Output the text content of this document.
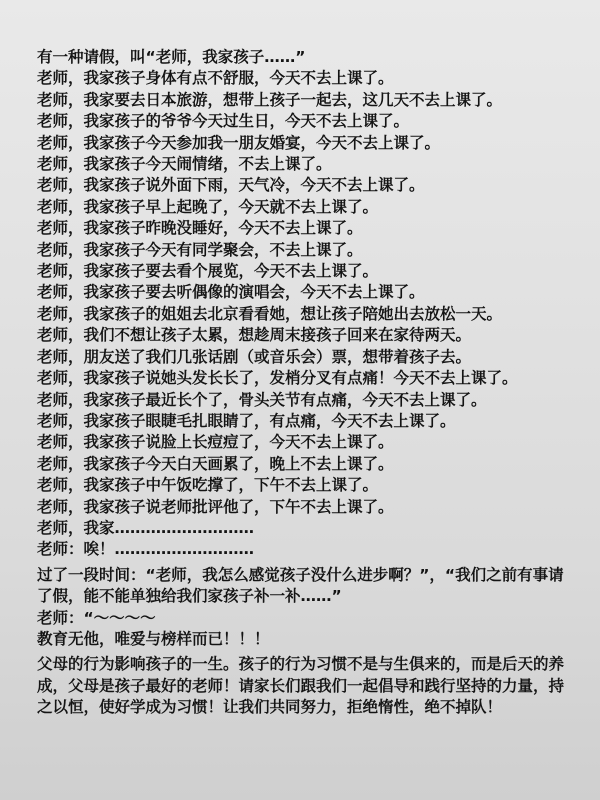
有一种请假，叫“老师，我家孩子……”

老师，我家孩子身体有点不舒服，今天不去上课了。

老师，我家要去日本旅游，想带上孩子一起去，这几天不去上课了。

老师，我家孩子的爷爷今天过生日，今天不去上课了。

老师，我家孩子今天参加我一朋友婚宴，今天不去上课了。

老师，我家孩子今天闹情绪，不去上课了。

老师，我家孩子说外面下雨，天气冷，今天不去上课了。

老师，我家孩子早上起晚了，今天就不去上课了。

老师，我家孩子昨晚没睡好，今天不去上课了。

老师，我家孩子今天有同学聚会，不去上课了。

老师，我家孩子要去看个展览，今天不去上课了。

老师，我家孩子要去听偶像的演唱会，今天不去上课了。

老师，我家孩子的姐姐去北京看看她，想让孩子陪她出去放松一天。

老师，我们不想让孩子太累，想趁周末接孩子回来在家待两天。

老师，朋友送了我们几张话剧（或音乐会）票，想带着孩子去。

老师，我家孩子说她头发长长了，发梢分叉有点痛！今天不去上课了。

老师，我家孩子最近长个了，骨头关节有点痛，今天不去上课了。

老师，我家孩子眼睫毛扎眼睛了，有点痛，今天不去上课了。

老师，我家孩子说脸上长痘痘了，今天不去上课了。

老师，我家孩子今天白天画累了，晚上不去上课了。

老师，我家孩子中午饭吃撑了，下午不去上课了。

老师，我家孩子说老师批评他了，下午不去上课了。

老师，我家………………………

老师：唉！………………………

过了一段时间：“老师，我怎么感觉孩子没什么进步啊？”，“我们之前有事请了假，能不能单独给我们家孩子补一补……”

老师：“～～～～

教育无他，唯爱与榜样而已！！！

父母的行为影响孩子的一生。孩子的行为习惯不是与生俱来的，而是后天的养成，父母是孩子最好的老师！请家长们跟我们一起倡导和践行坚持的力量，持之以恒，使好学成为习惯！让我们共同努力，拒绝惰性，绝不掉队！
